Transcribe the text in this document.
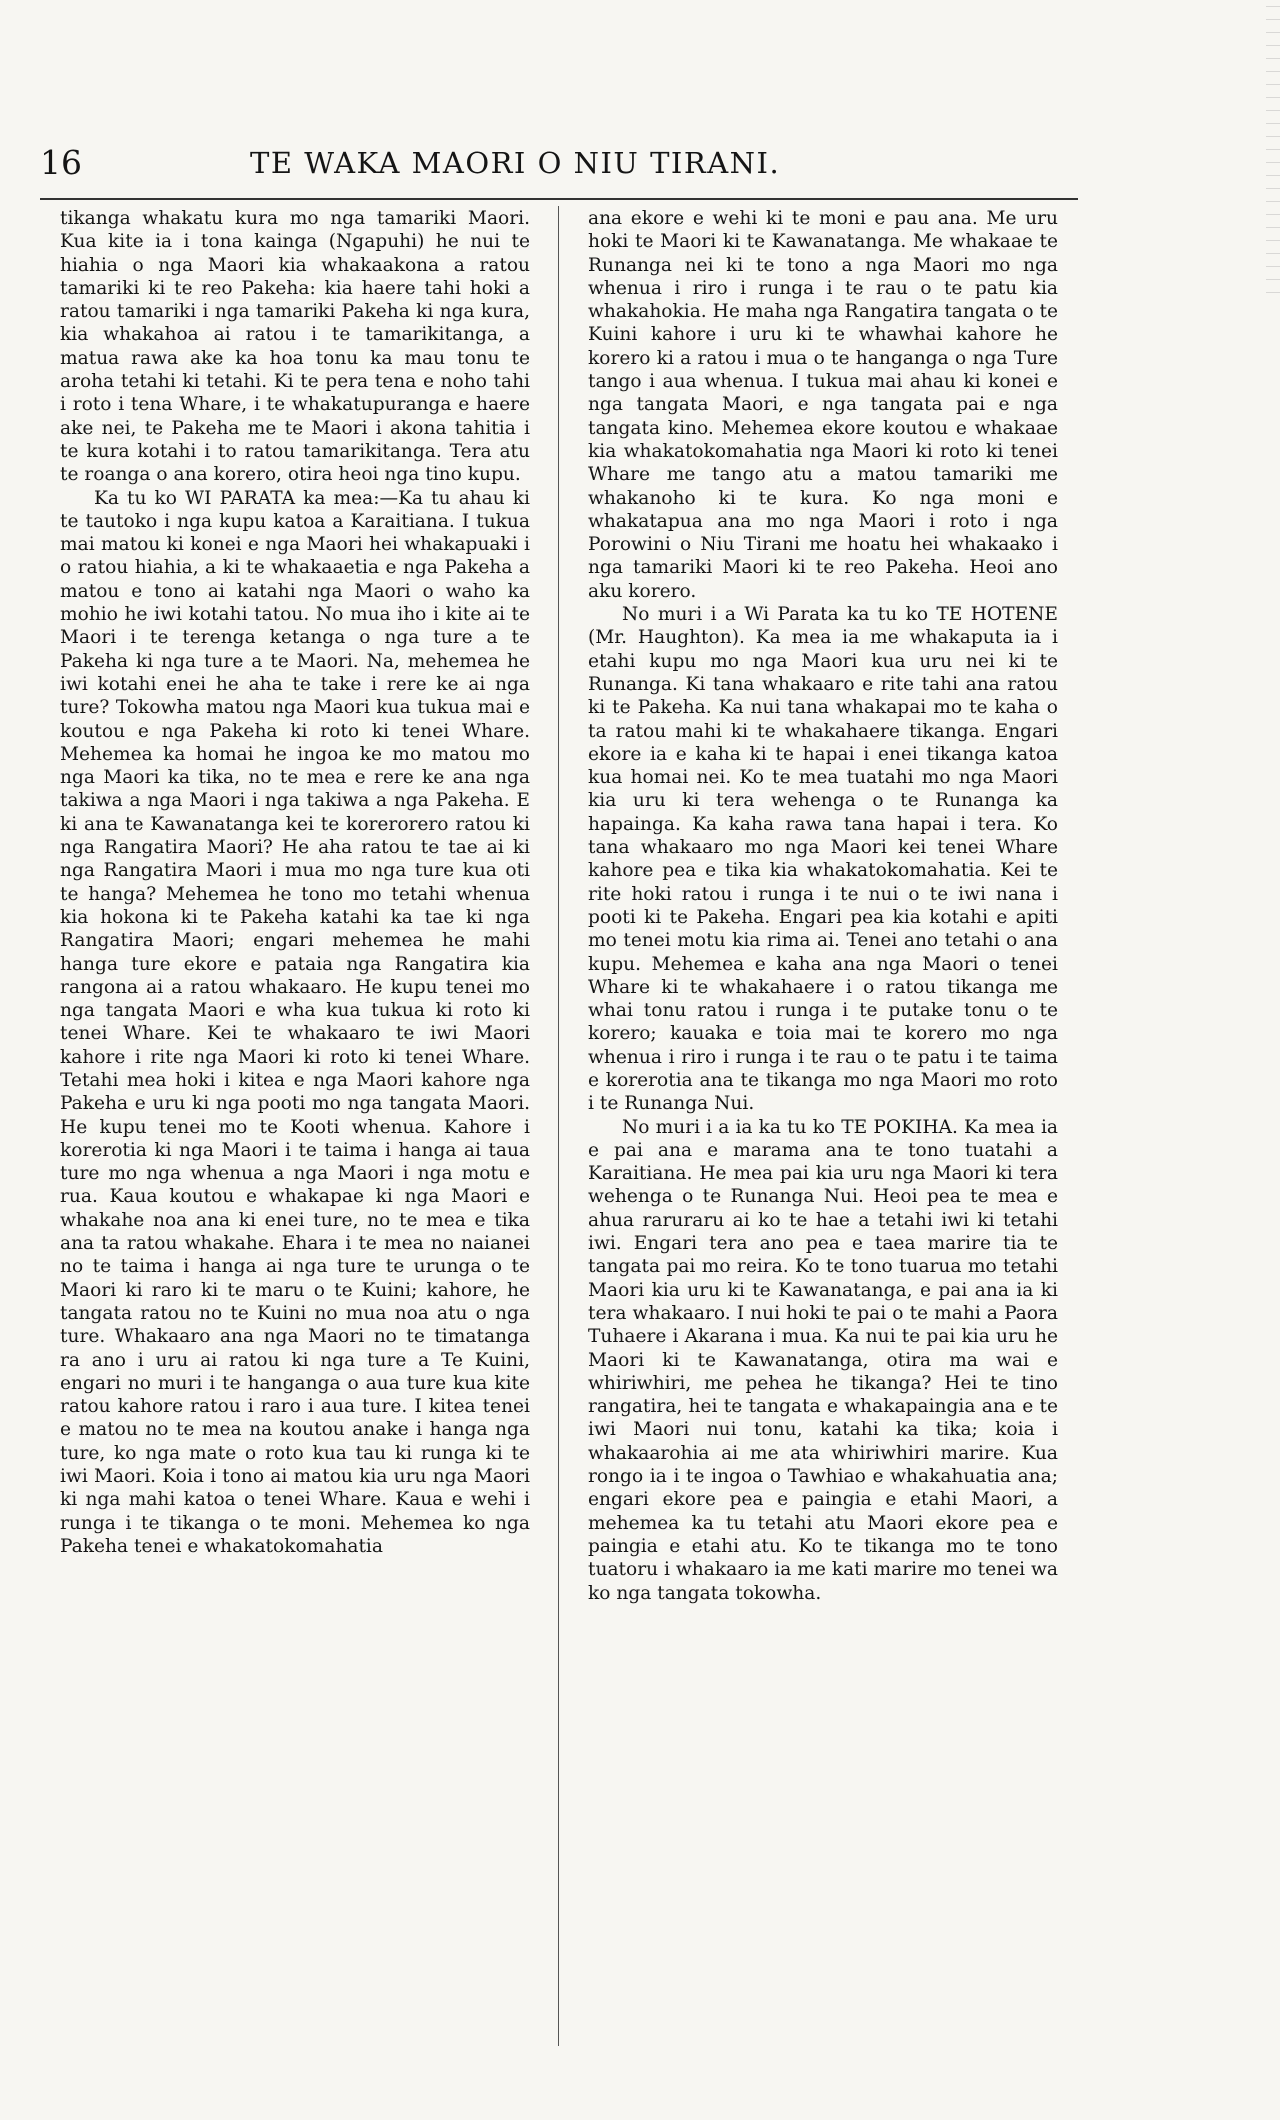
16	TE WAKA MAORI O NIU TIRANI.

tikanga whakatu kura mo nga tamariki Maori. Kua kite ia i tona kainga (Ngapuhi) he nui te hiahia o nga Maori kia whakaakona a ratou tamariki ki te reo Pakeha: kia haere tahi hoki a ratou tamariki i nga tamariki Pakeha ki nga kura, kia whakahoa ai ratou i te tamarikitanga, a matua rawa ake ka hoa tonu ka mau tonu te aroha tetahi ki tetahi. Ki te pera tena e noho tahi i roto i tena Whare, i te whakatupuranga e haere ake nei, te Pakeha me te Maori i akona tahitia i te kura kotahi i to ratou tamarikitanga. Tera atu te roanga o ana korero, otira heoi nga tino kupu.

Ka tu ko WI PARATA ka mea:—Ka tu ahau ki te tautoko i nga kupu katoa a Karaitiana. I tukua mai matou ki konei e nga Maori hei whakapuaki i o ratou hiahia, a ki te whakaaetia e nga Pakeha a matou e tono ai katahi nga Maori o waho ka mohio he iwi kotahi tatou. No mua iho i kite ai te Maori i te terenga ketanga o nga ture a te Pakeha ki nga ture a te Maori. Na, mehemea he iwi kotahi enei he aha te take i rere ke ai nga ture? Tokowha matou nga Maori kua tukua mai e koutou e nga Pakeha ki roto ki tenei Whare. Mehemea ka homai he ingoa ke mo matou mo nga Maori ka tika, no te mea e rere ke ana nga takiwa a nga Maori i nga takiwa a nga Pakeha. E ki ana te Kawanatanga kei te korerorero ratou ki nga Rangatira Maori? He aha ratou te tae ai ki nga Rangatira Maori i mua mo nga ture kua oti te hanga? Mehemea he tono mo tetahi whenua kia hokona ki te Pakeha katahi ka tae ki nga Rangatira Maori; engari mehemea he mahi hanga ture ekore e pataia nga Rangatira kia rangona ai a ratou whakaaro. He kupu tenei mo nga tangata Maori e wha kua tukua ki roto ki tenei Whare. Kei te whakaaro te iwi Maori kahore i rite nga Maori ki roto ki tenei Whare. Tetahi mea hoki i kitea e nga Maori kahore nga Pakeha e uru ki nga pooti mo nga tangata Maori. He kupu tenei mo te Kooti whenua. Kahore i korerotia ki nga Maori i te taima i hanga ai taua ture mo nga whenua a nga Maori i nga motu e rua. Kaua koutou e whakapae ki nga Maori e whakahe noa ana ki enei ture, no te mea e tika ana ta ratou whakahe. Ehara i te mea no naianei no te taima i hanga ai nga ture te urunga o te Maori ki raro ki te maru o te Kuini; kahore, he tangata ratou no te Kuini no mua noa atu o nga ture. Whakaaro ana nga Maori no te timatanga ra ano i uru ai ratou ki nga ture a Te Kuini, engari no muri i te hanganga o aua ture kua kite ratou kahore ratou i raro i aua ture. I kitea tenei e matou no te mea na koutou anake i hanga nga ture, ko nga mate o roto kua tau ki runga ki te iwi Maori. Koia i tono ai matou kia uru nga Maori ki nga mahi katoa o tenei Whare. Kaua e wehi i runga i te tikanga o te moni. Mehemea ko nga Pakeha tenei e whakatokomahatia

ana ekore e wehi ki te moni e pau ana. Me uru hoki te Maori ki te Kawanatanga. Me whakaae te Runanga nei ki te tono a nga Maori mo nga whenua i riro i runga i te rau o te patu kia whakahokia. He maha nga Rangatira tangata o te Kuini kahore i uru ki te whawhai kahore he korero ki a ratou i mua o te hanganga o nga Ture tango i aua whenua. I tukua mai ahau ki konei e nga tangata Maori, e nga tangata pai e nga tangata kino. Mehemea ekore koutou e whakaae kia whakatokomahatia nga Maori ki roto ki tenei Whare me tango atu a matou tamariki me whakanoho ki te kura. Ko nga moni e whakatapua ana mo nga Maori i roto i nga Porowini o Niu Tirani me hoatu hei whakaako i nga tamariki Maori ki te reo Pakeha. Heoi ano aku korero.

No muri i a Wi Parata ka tu ko TE HOTENE (Mr. Haughton). Ka mea ia me whakaputa ia i etahi kupu mo nga Maori kua uru nei ki te Runanga. Ki tana whakaaro e rite tahi ana ratou ki te Pakeha. Ka nui tana whakapai mo te kaha o ta ratou mahi ki te whakahaere tikanga. Engari ekore ia e kaha ki te hapai i enei tikanga katoa kua homai nei. Ko te mea tuatahi mo nga Maori kia uru ki tera wehenga o te Runanga ka hapainga. Ka kaha rawa tana hapai i tera. Ko tana whakaaro mo nga Maori kei tenei Whare kahore pea e tika kia whakatokomahatia. Kei te rite hoki ratou i runga i te nui o te iwi nana i pooti ki te Pakeha. Engari pea kia kotahi e apiti mo tenei motu kia rima ai. Tenei ano tetahi o ana kupu. Mehemea e kaha ana nga Maori o tenei Whare ki te whakahaere i o ratou tikanga me whai tonu ratou i runga i te putake tonu o te korero; kauaka e toia mai te korero mo nga whenua i riro i runga i te rau o te patu i te taima e korerotia ana te tikanga mo nga Maori mo roto i te Runanga Nui.

No muri i a ia ka tu ko TE POKIHA. Ka mea ia e pai ana e marama ana te tono tuatahi a Karaitiana. He mea pai kia uru nga Maori ki tera wehenga o te Runanga Nui. Heoi pea te mea e ahua raruraru ai ko te hae a tetahi iwi ki tetahi iwi. Engari tera ano pea e taea marire tia te tangata pai mo reira. Ko te tono tuarua mo tetahi Maori kia uru ki te Kawanatanga, e pai ana ia ki tera whakaaro. I nui hoki te pai o te mahi a Paora Tuhaere i Akarana i mua. Ka nui te pai kia uru he Maori ki te Kawanatanga, otira ma wai e whiriwhiri, me pehea he tikanga? Hei te tino rangatira, hei te tangata e whakapaingia ana e te iwi Maori nui tonu, katahi ka tika; koia i whakaarohia ai me ata whiriwhiri marire. Kua rongo ia i te ingoa o Tawhiao e whakahuatia ana; engari ekore pea e paingia e etahi Maori, a mehemea ka tu tetahi atu Maori ekore pea e paingia e etahi atu. Ko te tikanga mo te tono tuatoru i whakaaro ia me kati marire mo tenei wa ko nga tangata tokowha.
